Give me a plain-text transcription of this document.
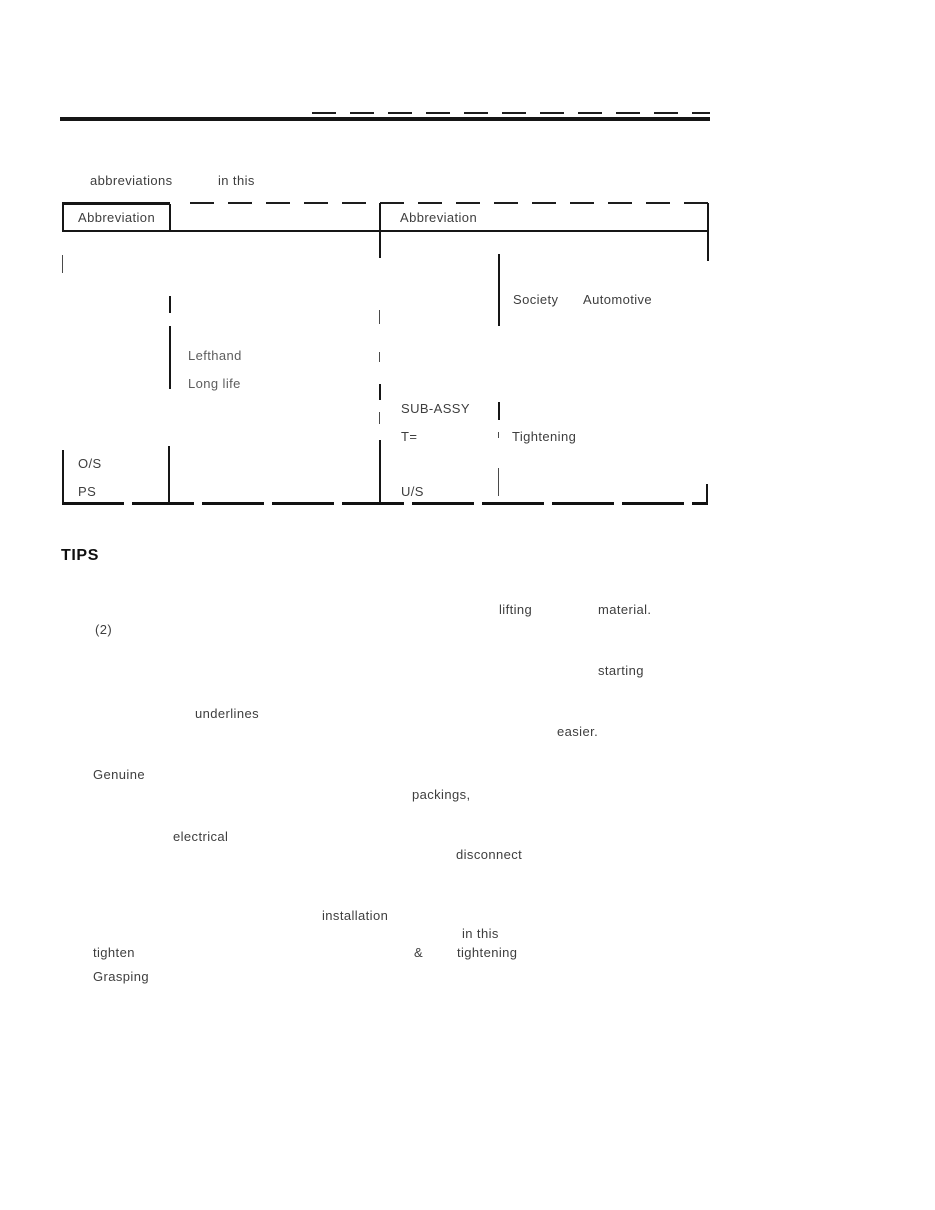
abbreviations	in this
Abbreviation	Abbreviation
Society Automotive
Lefthand
Long life
SUB-ASSY
T=	Tightening
O/S
PS	U/S
TIPS
lifting	material.
(2)
starting
underlines
easier.
Genuine
packings,
electrical
disconnect
installation
in this
tighten	&	tightening
Grasping
